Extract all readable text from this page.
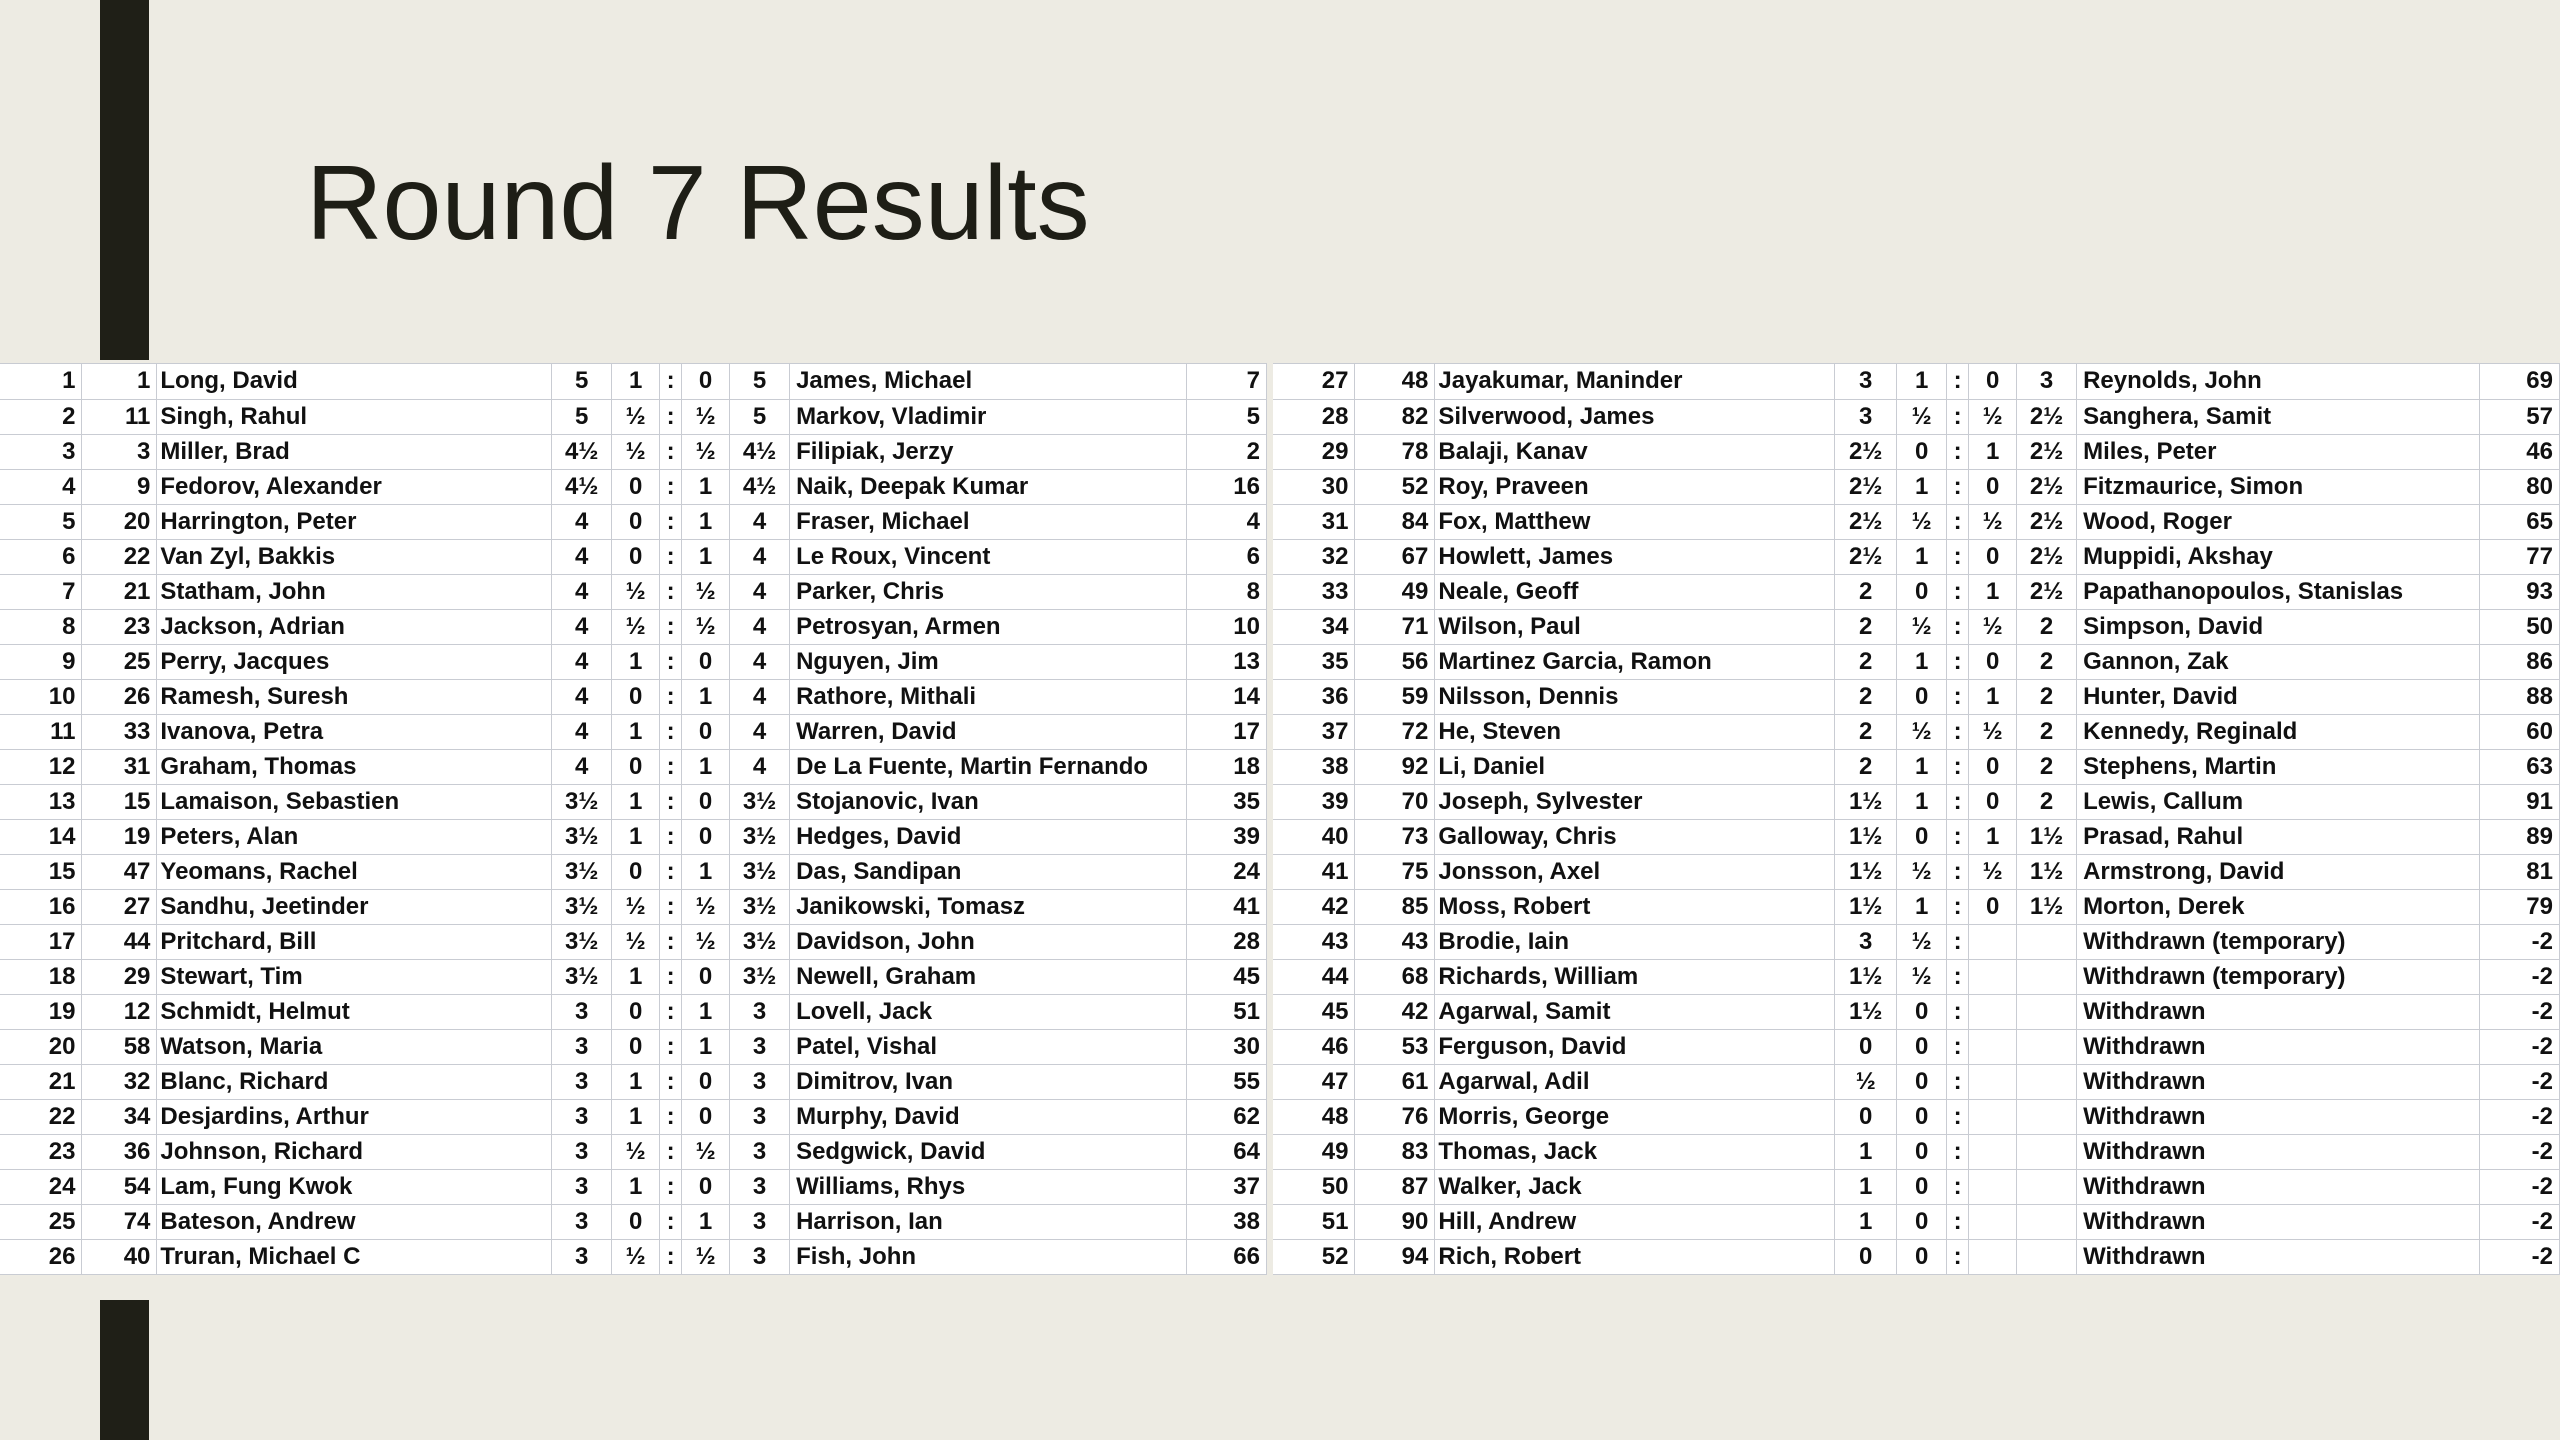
Round 7 Results
1	1	Long, David	5	1	:	0	5	James, Michael	7
2	11	Singh, Rahul	5	½	:	½	5	Markov, Vladimir	5
3	3	Miller, Brad	4½	½	:	½	4½	Filipiak, Jerzy	2
4	9	Fedorov, Alexander	4½	0	:	1	4½	Naik, Deepak Kumar	16
5	20	Harrington, Peter	4	0	:	1	4	Fraser, Michael	4
6	22	Van Zyl, Bakkis	4	0	:	1	4	Le Roux, Vincent	6
7	21	Statham, John	4	½	:	½	4	Parker, Chris	8
8	23	Jackson, Adrian	4	½	:	½	4	Petrosyan, Armen	10
9	25	Perry, Jacques	4	1	:	0	4	Nguyen, Jim	13
10	26	Ramesh, Suresh	4	0	:	1	4	Rathore, Mithali	14
11	33	Ivanova, Petra	4	1	:	0	4	Warren, David	17
12	31	Graham, Thomas	4	0	:	1	4	De La Fuente, Martin Fernando	18
13	15	Lamaison, Sebastien	3½	1	:	0	3½	Stojanovic, Ivan	35
14	19	Peters, Alan	3½	1	:	0	3½	Hedges, David	39
15	47	Yeomans, Rachel	3½	0	:	1	3½	Das, Sandipan	24
16	27	Sandhu, Jeetinder	3½	½	:	½	3½	Janikowski, Tomasz	41
17	44	Pritchard, Bill	3½	½	:	½	3½	Davidson, John	28
18	29	Stewart, Tim	3½	1	:	0	3½	Newell, Graham	45
19	12	Schmidt, Helmut	3	0	:	1	3	Lovell, Jack	51
20	58	Watson, Maria	3	0	:	1	3	Patel, Vishal	30
21	32	Blanc, Richard	3	1	:	0	3	Dimitrov, Ivan	55
22	34	Desjardins, Arthur	3	1	:	0	3	Murphy, David	62
23	36	Johnson, Richard	3	½	:	½	3	Sedgwick, David	64
24	54	Lam, Fung Kwok	3	1	:	0	3	Williams, Rhys	37
25	74	Bateson, Andrew	3	0	:	1	3	Harrison, Ian	38
26	40	Truran, Michael C	3	½	:	½	3	Fish, John	66
27	48	Jayakumar, Maninder	3	1	:	0	3	Reynolds, John	69
28	82	Silverwood, James	3	½	:	½	2½	Sanghera, Samit	57
29	78	Balaji, Kanav	2½	0	:	1	2½	Miles, Peter	46
30	52	Roy, Praveen	2½	1	:	0	2½	Fitzmaurice, Simon	80
31	84	Fox, Matthew	2½	½	:	½	2½	Wood, Roger	65
32	67	Howlett, James	2½	1	:	0	2½	Muppidi, Akshay	77
33	49	Neale, Geoff	2	0	:	1	2½	Papathanopoulos, Stanislas	93
34	71	Wilson, Paul	2	½	:	½	2	Simpson, David	50
35	56	Martinez Garcia, Ramon	2	1	:	0	2	Gannon, Zak	86
36	59	Nilsson, Dennis	2	0	:	1	2	Hunter, David	88
37	72	He, Steven	2	½	:	½	2	Kennedy, Reginald	60
38	92	Li, Daniel	2	1	:	0	2	Stephens, Martin	63
39	70	Joseph, Sylvester	1½	1	:	0	2	Lewis, Callum	91
40	73	Galloway, Chris	1½	0	:	1	1½	Prasad, Rahul	89
41	75	Jonsson, Axel	1½	½	:	½	1½	Armstrong, David	81
42	85	Moss, Robert	1½	1	:	0	1½	Morton, Derek	79
43	43	Brodie, Iain	3	½	:			Withdrawn (temporary)	-2
44	68	Richards, William	1½	½	:			Withdrawn (temporary)	-2
45	42	Agarwal, Samit	1½	0	:			Withdrawn	-2
46	53	Ferguson, David	0	0	:			Withdrawn	-2
47	61	Agarwal, Adil	½	0	:			Withdrawn	-2
48	76	Morris, George	0	0	:			Withdrawn	-2
49	83	Thomas, Jack	1	0	:			Withdrawn	-2
50	87	Walker, Jack	1	0	:			Withdrawn	-2
51	90	Hill, Andrew	1	0	:			Withdrawn	-2
52	94	Rich, Robert	0	0	:			Withdrawn	-2
